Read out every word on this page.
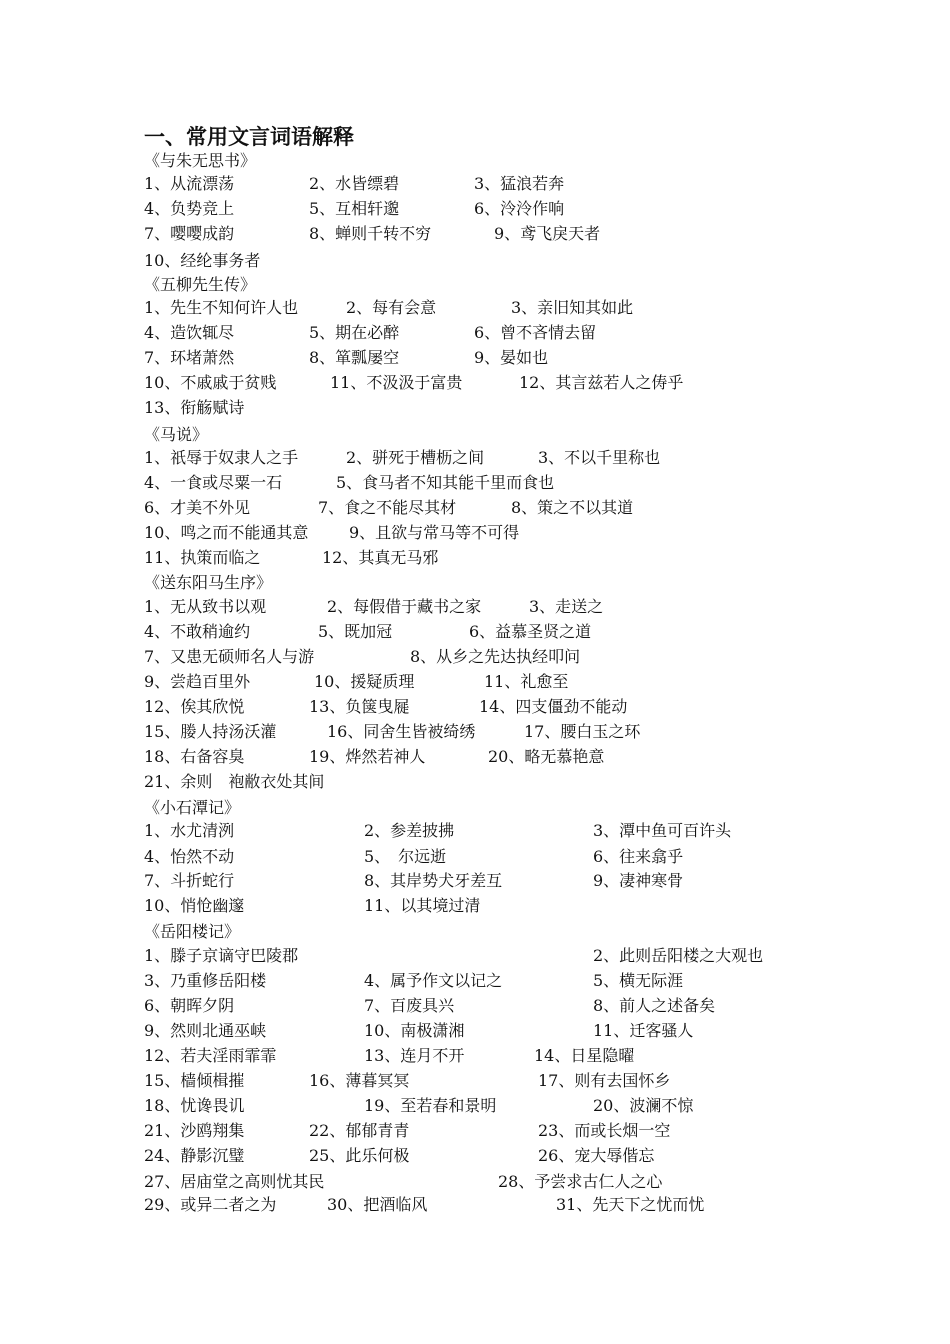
一、常用文言词语解释
《与朱无思书》
1、从流漂荡	2、水皆缥碧	3、猛浪若奔
4、负势竞上	5、互相轩邈	6、泠泠作响
7、嘤嘤成韵	8、蝉则千转不穷	9、鸢飞戾天者
10、经纶事务者
《五柳先生传》
1、先生不知何许人也	2、每有会意	3、亲旧知其如此
4、造饮辄尽	5、期在必醉	6、曾不吝情去留
7、环堵萧然	8、箪瓢屡空	9、晏如也
10、不戚戚于贫贱	11、不汲汲于富贵	12、其言兹若人之俦乎
13、衔觞赋诗
《马说》
1、祇辱于奴隶人之手	2、骈死于槽枥之间	3、不以千里称也
4、一食或尽粟一石	5、食马者不知其能千里而食也
6、才美不外见	7、食之不能尽其材	8、策之不以其道
10、鸣之而不能通其意	9、且欲与常马等不可得
11、执策而临之	12、其真无马邪
《送东阳马生序》
1、无从致书以观	2、每假借于藏书之家	3、走送之
4、不敢稍逾约	5、既加冠	6、益慕圣贤之道
7、又患无硕师名人与游	8、从乡之先达执经叩问
9、尝趋百里外	10、援疑质理	11、礼愈至
12、俟其欣悦	13、负箧曳屣	14、四支僵劲不能动
15、媵人持汤沃灌	16、同舍生皆被绮绣	17、腰白玉之环
18、右备容臭	19、烨然若神人	20、略无慕艳意
21、余则　袍敝衣处其间
《小石潭记》
1、水尤清洌	2、参差披拂	3、潭中鱼可百许头
4、怡然不动	5、　尔远逝	6、往来翕乎
7、斗折蛇行	8、其岸势犬牙差互	9、凄神寒骨
10、悄怆幽邃	11、以其境过清
《岳阳楼记》
1、滕子京谪守巴陵郡	2、此则岳阳楼之大观也
3、乃重修岳阳楼	4、属予作文以记之	5、横无际涯
6、朝晖夕阴	7、百废具兴	8、前人之述备矣
9、然则北通巫峡	10、南极潇湘	11、迁客骚人
12、若夫淫雨霏霏	13、连月不开	14、日星隐曜
15、樯倾楫摧	16、薄暮冥冥	17、则有去国怀乡
18、忧谗畏讥	19、至若春和景明	20、波澜不惊
21、沙鸥翔集	22、郁郁青青	23、而或长烟一空
24、静影沉璧	25、此乐何极	26、宠大辱偕忘
27、居庙堂之高则忧其民	28、予尝求古仁人之心
29、或异二者之为	30、把酒临风	31、先天下之忧而忧
